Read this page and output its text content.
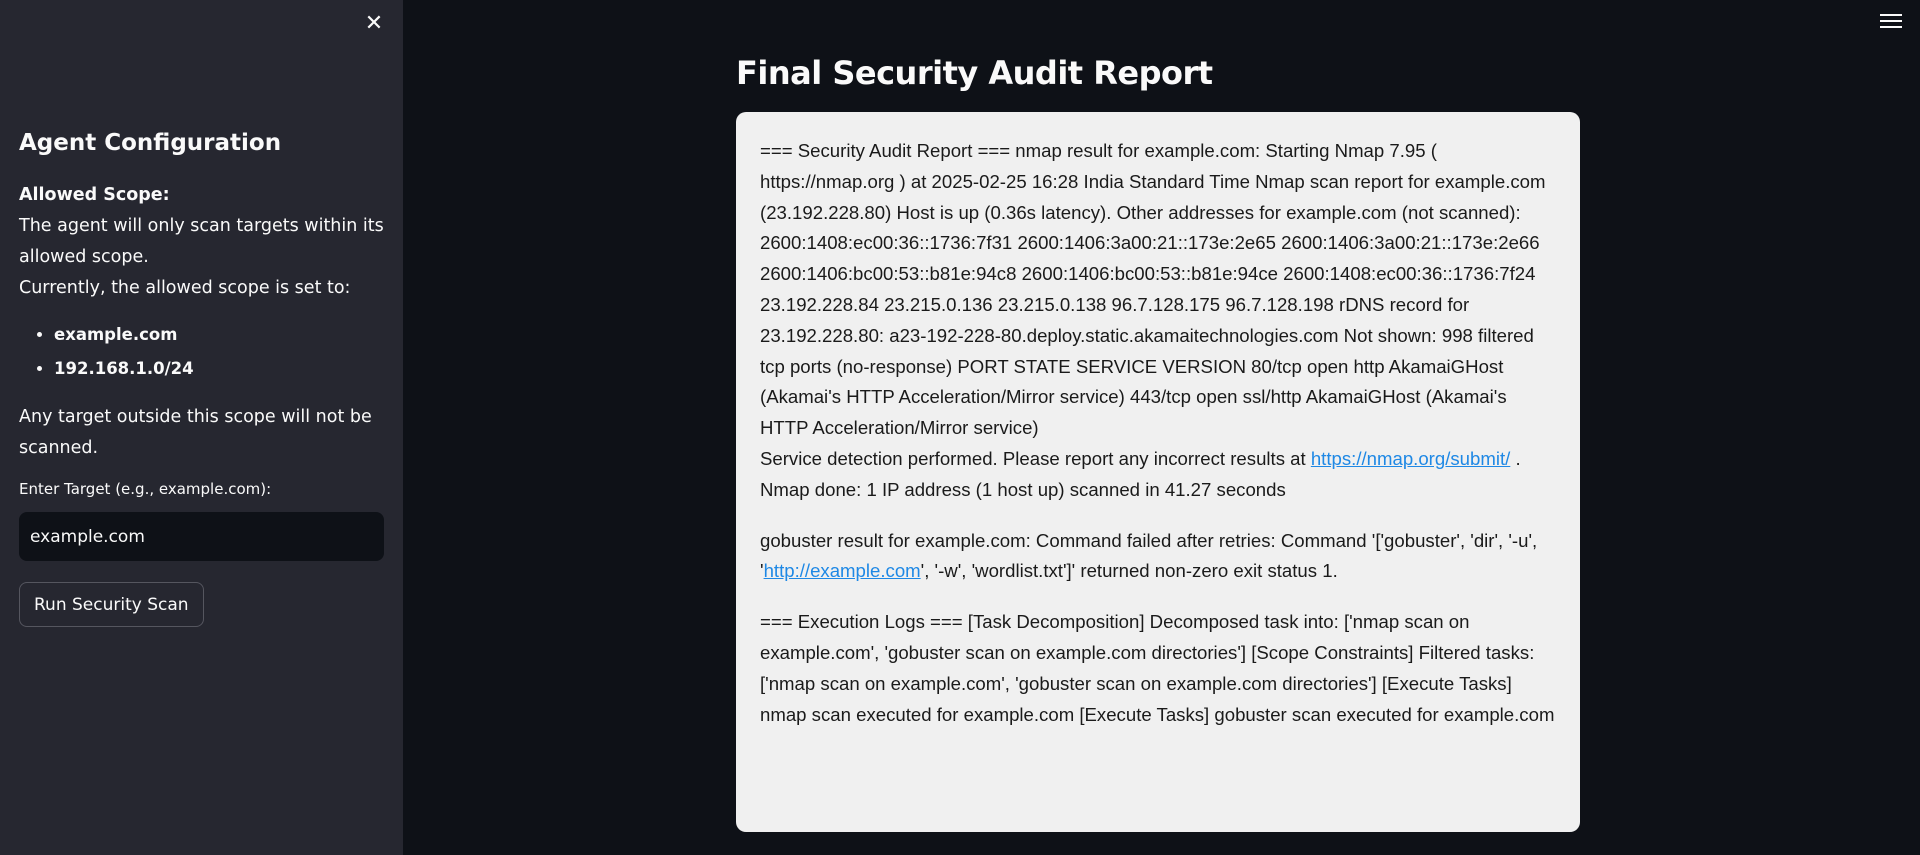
✕
Agent Configuration

Allowed Scope:

The agent will only scan targets within its allowed scope.

Currently, the allowed scope is set to:

• example.com
• 192.168.1.0/24

Any target outside this scope will not be scanned.

Enter Target (e.g., example.com):
example.com
Run Security Scan
Final Security Audit Report

=== Security Audit Report === nmap result for example.com: Starting Nmap 7.95 ( https://nmap.org ) at 2025-02-25 16:28 India Standard Time Nmap scan report for example.com (23.192.228.80) Host is up (0.36s latency). Other addresses for example.com (not scanned): 2600:1408:ec00:36::1736:7f31 2600:1406:3a00:21::173e:2e65 2600:1406:3a00:21::173e:2e66 2600:1406:bc00:53::b81e:94c8 2600:1406:bc00:53::b81e:94ce 2600:1408:ec00:36::1736:7f24 23.192.228.84 23.215.0.136 23.215.0.138 96.7.128.175 96.7.128.198 rDNS record for 23.192.228.80: a23-192-228-80.deploy.static.akamaitechnologies.com Not shown: 998 filtered tcp ports (no-response) PORT STATE SERVICE VERSION 80/tcp open http AkamaiGHost (Akamai's HTTP Acceleration/Mirror service) 443/tcp open ssl/http AkamaiGHost (Akamai's HTTP Acceleration/Mirror service)

Service detection performed. Please report any incorrect results at https://nmap.org/submit/ . Nmap done: 1 IP address (1 host up) scanned in 41.27 seconds

gobuster result for example.com: Command failed after retries: Command '['gobuster', 'dir', '-u', 'http://example.com', '-w', 'wordlist.txt']' returned non-zero exit status 1.

=== Execution Logs === [Task Decomposition] Decomposed task into: ['nmap scan on example.com', 'gobuster scan on example.com directories'] [Scope Constraints] Filtered tasks: ['nmap scan on example.com', 'gobuster scan on example.com directories'] [Execute Tasks] nmap scan executed for example.com [Execute Tasks] gobuster scan executed for example.com
